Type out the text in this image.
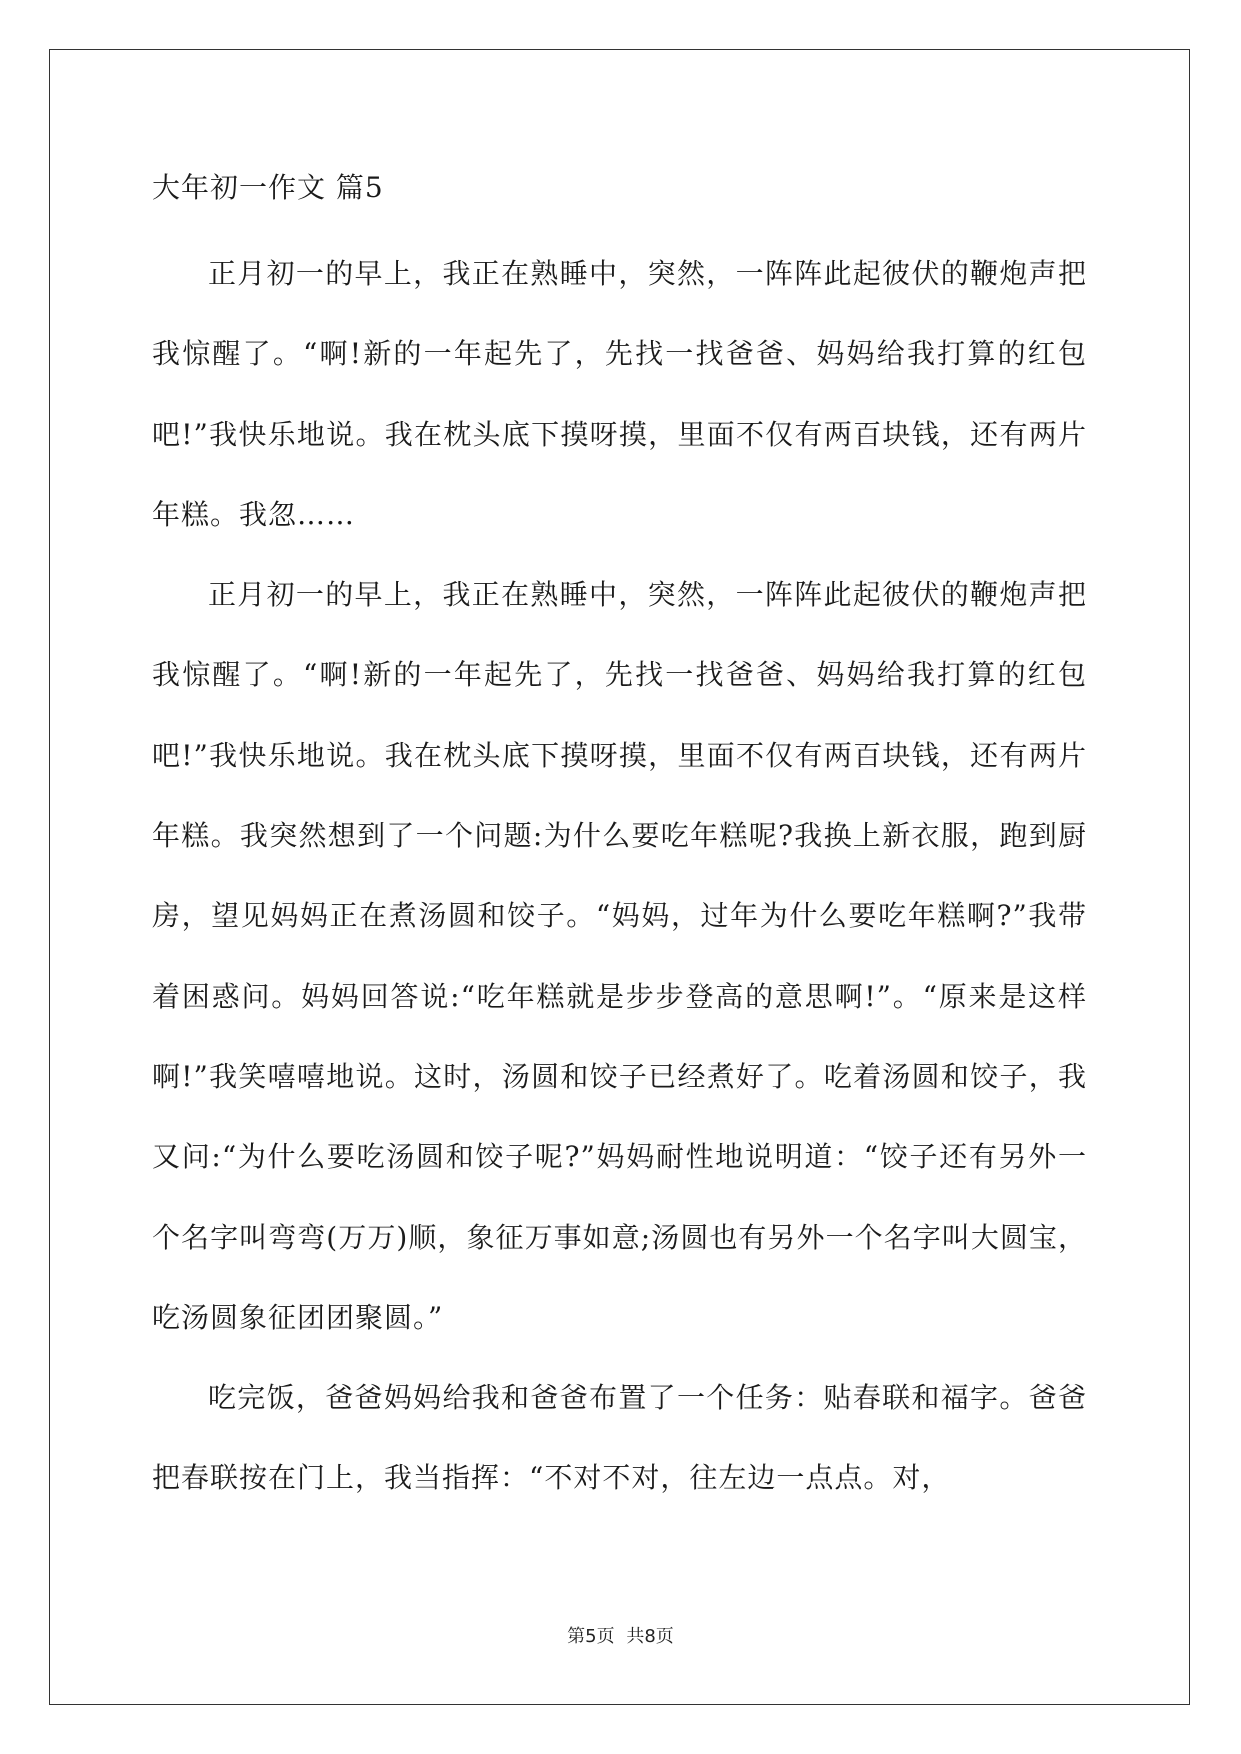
大年初一作文 篇5

正月初一的早上，我正在熟睡中，突然，一阵阵此起彼伏的鞭炮声把我惊醒了。“啊!新的一年起先了，先找一找爸爸、妈妈给我打算的红包吧!”我快乐地说。我在枕头底下摸呀摸，里面不仅有两百块钱，还有两片年糕。我忽……

正月初一的早上，我正在熟睡中，突然，一阵阵此起彼伏的鞭炮声把我惊醒了。“啊!新的一年起先了，先找一找爸爸、妈妈给我打算的红包吧!”我快乐地说。我在枕头底下摸呀摸，里面不仅有两百块钱，还有两片年糕。我突然想到了一个问题:为什么要吃年糕呢?我换上新衣服，跑到厨房，望见妈妈正在煮汤圆和饺子。“妈妈，过年为什么要吃年糕啊?”我带着困惑问。妈妈回答说:“吃年糕就是步步登高的意思啊!”。“原来是这样啊!”我笑嘻嘻地说。这时，汤圆和饺子已经煮好了。吃着汤圆和饺子，我又问:“为什么要吃汤圆和饺子呢?”妈妈耐性地说明道：“饺子还有另外一个名字叫弯弯(万万)顺，象征万事如意;汤圆也有另外一个名字叫大圆宝，吃汤圆象征团团聚圆。”

吃完饭，爸爸妈妈给我和爸爸布置了一个任务：贴春联和福字。爸爸把春联按在门上，我当指挥：“不对不对，往左边一点点。对，

第5页 共8页
